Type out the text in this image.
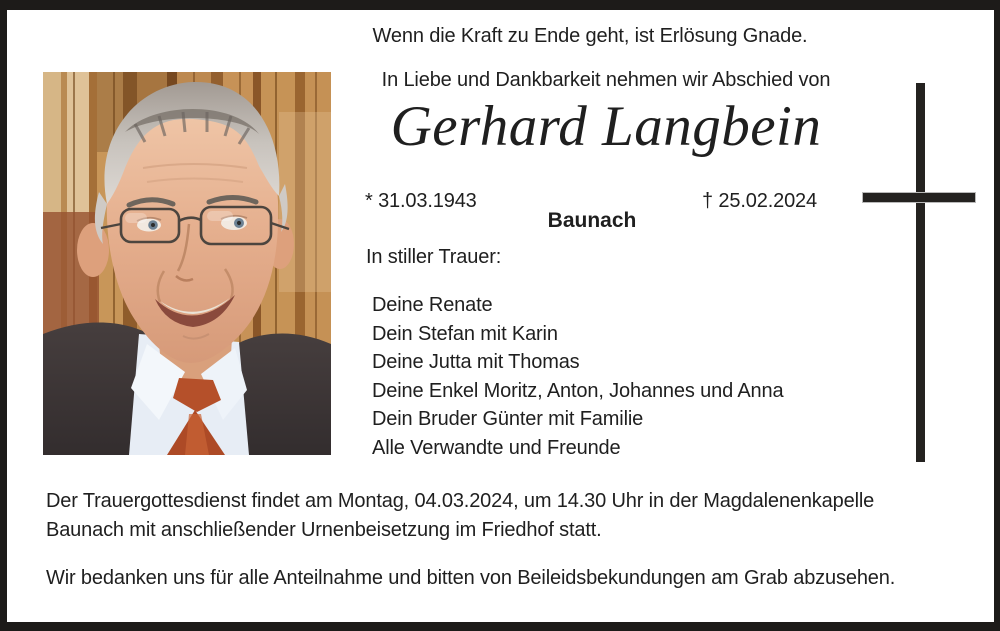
Wenn die Kraft zu Ende geht, ist Erlösung Gnade.
In Liebe und Dankbarkeit nehmen wir Abschied von
Gerhard Langbein
* 31.03.1943	† 25.02.2024
Baunach
In stiller Trauer:
Deine Renate
Dein Stefan mit Karin
Deine Jutta mit Thomas
Deine Enkel Moritz, Anton, Johannes und Anna
Dein Bruder Günter mit Familie
Alle Verwandte und Freunde
Der Trauergottesdienst findet am Montag, 04.03.2024, um 14.30 Uhr in der Magdalenenkapelle Baunach mit anschließender Urnenbeisetzung im Friedhof statt.
Wir bedanken uns für alle Anteilnahme und bitten von Beileidsbekundungen am Grab abzusehen.
